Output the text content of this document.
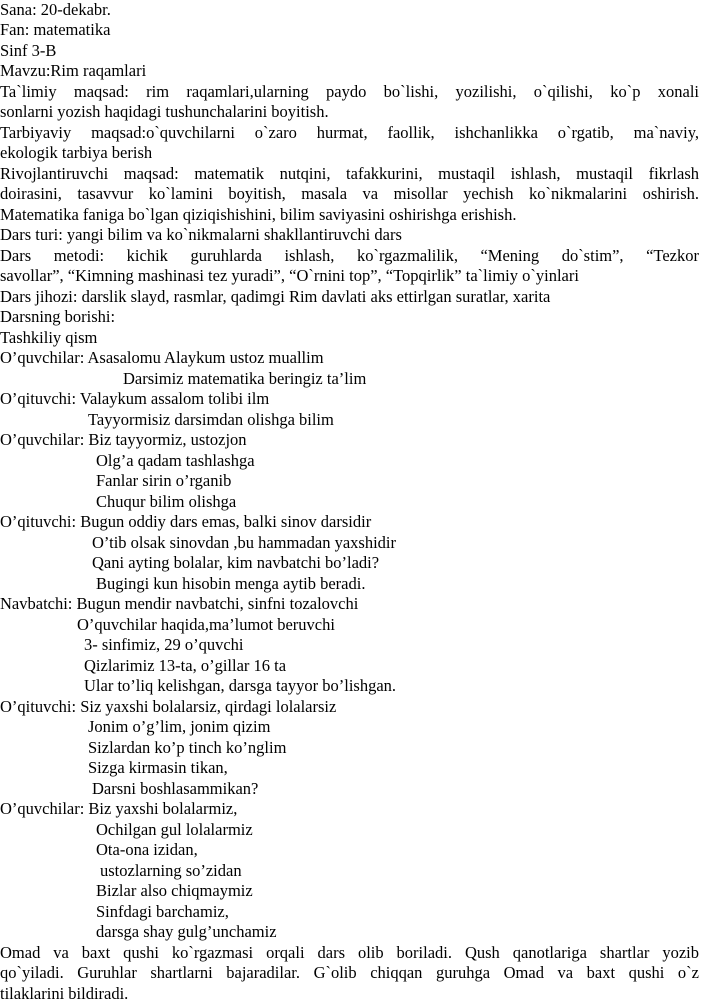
Sana: 20-dekabr.
Fan: matematika
Sinf 3-B
Mavzu:Rim raqamlari
Ta`limiy maqsad: rim raqamlari,ularning paydo bo`lishi, yozilishi, o`qilishi, ko`p xonali
sonlarni yozish haqidagi tushunchalarini boyitish.
Tarbiyaviy maqsad:o`quvchilarni o`zaro hurmat, faollik, ishchanlikka o`rgatib, ma`naviy,
ekologik tarbiya berish
Rivojlantiruvchi maqsad: matematik nutqini, tafakkurini, mustaqil ishlash, mustaqil fikrlash
doirasini, tasavvur ko`lamini boyitish, masala va misollar yechish ko`nikmalarini oshirish.
Matematika faniga bo`lgan qiziqishishini, bilim saviyasini oshirishga erishish.
Dars turi: yangi bilim va ko`nikmalarni shakllantiruvchi dars
Dars metodi: kichik guruhlarda ishlash, ko`rgazmalilik, “Mening do`stim”, “Tezkor
savollar”, “Kimning mashinasi tez yuradi”, “O`rnini top”, “Topqirlik” ta`limiy o`yinlari
Dars jihozi: darslik slayd, rasmlar, qadimgi Rim davlati aks ettirlgan suratlar, xarita
Darsning borishi:
Tashkiliy qism
O’quvchilar: Asasalomu Alaykum ustoz muallim
Darsimiz matematika beringiz ta’lim
O’qituvchi: Valaykum assalom tolibi ilm
Tayyormisiz darsimdan olishga bilim
O’quvchilar: Biz tayyormiz, ustozjon
Olg’a qadam tashlashga
Fanlar sirin o’rganib
Chuqur bilim olishga
O’qituvchi: Bugun oddiy dars emas, balki sinov darsidir
O’tib olsak sinovdan ,bu hammadan yaxshidir
Qani ayting bolalar, kim navbatchi bo’ladi?
Bugingi kun hisobin menga aytib beradi.
Navbatchi: Bugun mendir navbatchi, sinfni tozalovchi
O’quvchilar haqida,ma’lumot beruvchi
3- sinfimiz, 29 o’quvchi
Qizlarimiz 13-ta, o’gillar 16 ta
Ular to’liq kelishgan, darsga tayyor bo’lishgan.
O’qituvchi: Siz yaxshi bolalarsiz, qirdagi lolalarsiz
Jonim o’g’lim, jonim qizim
Sizlardan ko’p tinch ko’nglim
Sizga kirmasin tikan,
Darsni boshlasammikan?
O’quvchilar: Biz yaxshi bolalarmiz,
Ochilgan gul lolalarmiz
Ota-ona izidan,
ustozlarning so’zidan
Bizlar also chiqmaymiz
Sinfdagi barchamiz,
darsga shay gulg’unchamiz
Omad va baxt qushi ko`rgazmasi orqali dars olib boriladi. Qush qanotlariga shartlar yozib
qo`yiladi. Guruhlar shartlarni bajaradilar. G`olib chiqqan guruhga Omad va baxt qushi o`z
tilaklarini bildiradi.
